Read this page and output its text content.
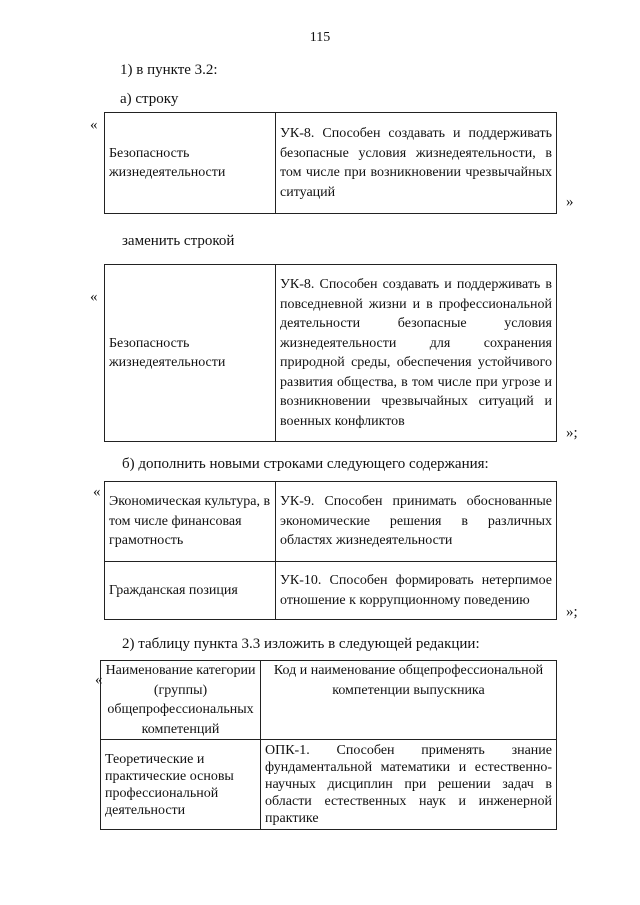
115
1) в пункте 3.2:
а) строку
«
Безопасность жизнедеятельности	УК-8. Способен создавать и поддерживать безопасные условия жизнедеятельности, в том числе при возникновении чрезвычайных ситуаций
»
заменить строкой
«
Безопасность жизнедеятельности	УК-8. Способен создавать и поддерживать в повседневной жизни и в профессиональной деятельности безопасные условия жизнедеятельности для сохранения природной среды, обеспечения устойчивого развития общества, в том числе при угрозе и возникновении чрезвычайных ситуаций и военных конфликтов
»;
б) дополнить новыми строками следующего содержания:
«
Экономическая культура, в том числе финансовая грамотность	УК-9. Способен принимать обоснованные экономические решения в различных областях жизнедеятельности
Гражданская позиция	УК-10. Способен формировать нетерпимое отношение к коррупционному поведению
»;
2) таблицу пункта 3.3 изложить в следующей редакции:
«
Наименование категории (группы) общепрофессиональных компетенций	Код и наименование общепрофессиональной компетенции выпускника
Теоретические и практические основы профессиональной деятельности	ОПК-1. Способен применять знание фундаментальной математики и естественно-научных дисциплин при решении задач в области естественных наук и инженерной практике
